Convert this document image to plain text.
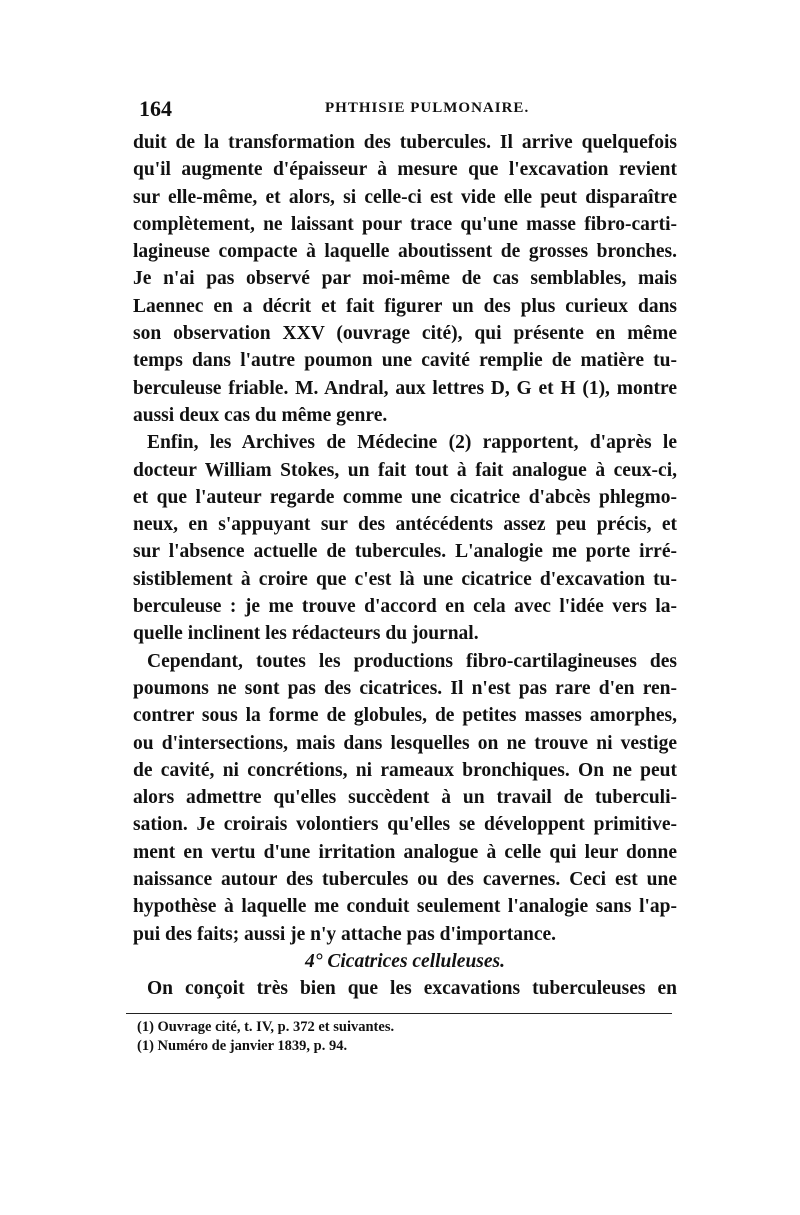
164	PHTHISIE PULMONAIRE.
duit de la transformation des tubercules. Il arrive quelquefois
qu'il augmente d'épaisseur à mesure que l'excavation revient
sur elle-même, et alors, si celle-ci est vide elle peut disparaître
complètement, ne laissant pour trace qu'une masse fibro-carti-
lagineuse compacte à laquelle aboutissent de grosses bronches.
Je n'ai pas observé par moi-même de cas semblables, mais
Laennec en a décrit et fait figurer un des plus curieux dans
son observation XXV (ouvrage cité), qui présente en même
temps dans l'autre poumon une cavité remplie de matière tu-
berculeuse friable. M. Andral, aux lettres D, G et H (1), montre
aussi deux cas du même genre.
Enfin, les Archives de Médecine (2) rapportent, d'après le
docteur William Stokes, un fait tout à fait analogue à ceux-ci,
et que l'auteur regarde comme une cicatrice d'abcès phlegmo-
neux, en s'appuyant sur des antécédents assez peu précis, et
sur l'absence actuelle de tubercules. L'analogie me porte irré-
sistiblement à croire que c'est là une cicatrice d'excavation tu-
berculeuse : je me trouve d'accord en cela avec l'idée vers la-
quelle inclinent les rédacteurs du journal.
Cependant, toutes les productions fibro-cartilagineuses des
poumons ne sont pas des cicatrices. Il n'est pas rare d'en ren-
contrer sous la forme de globules, de petites masses amorphes,
ou d'intersections, mais dans lesquelles on ne trouve ni vestige
de cavité, ni concrétions, ni rameaux bronchiques. On ne peut
alors admettre qu'elles succèdent à un travail de tuberculi-
sation. Je croirais volontiers qu'elles se développent primitive-
ment en vertu d'une irritation analogue à celle qui leur donne
naissance autour des tubercules ou des cavernes. Ceci est une
hypothèse à laquelle me conduit seulement l'analogie sans l'ap-
pui des faits; aussi je n'y attache pas d'importance.
4° Cicatrices celluleuses.
On conçoit très bien que les excavations tuberculeuses en
(1) Ouvrage cité, t. IV, p. 372 et suivantes.
(1) Numéro de janvier 1839, p. 94.
